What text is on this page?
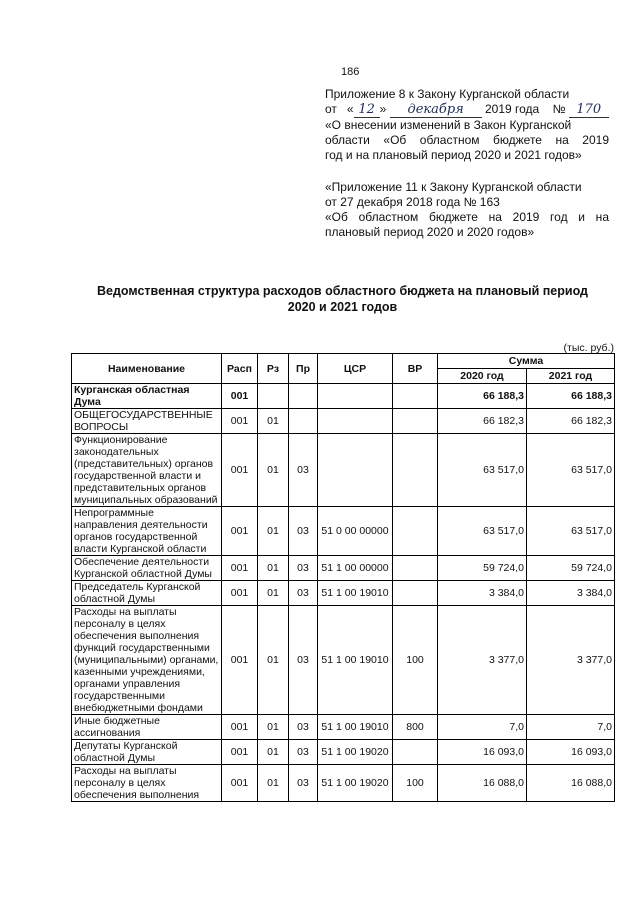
186
Приложение 8 к Закону Курганской области
от « 12 » декабря 2019 года № 170
«О внесении изменений в Закон Курганской
области «Об областном бюджете на 2019
год и на плановый период 2020 и 2021 годов»
«Приложение 11 к Закону Курганской области
от 27 декабря 2018 года № 163
«Об областном бюджете на 2019 год и на
плановый период 2020 и 2020 годов»
Ведомственная структура расходов областного бюджета на плановый период
2020 и 2021 годов
(тыс. руб.)
Наименование	Расп	Рз	Пр	ЦСР	ВР	Сумма	
						2020 год	2021 год
Курганская областная Дума	001					66 188,3	66 188,3
ОБЩЕГОСУДАРСТВЕННЫЕ ВОПРОСЫ	001	01				66 182,3	66 182,3
Функционирование законодательных (представительных) органов государственной власти и представительных органов муниципальных образований	001	01	03			63 517,0	63 517,0
Непрограммные направления деятельности органов государственной власти Курганской области	001	01	03	51 0 00 00000		63 517,0	63 517,0
Обеспечение деятельности Курганской областной Думы	001	01	03	51 1 00 00000		59 724,0	59 724,0
Председатель Курганской областной Думы	001	01	03	51 1 00 19010		3 384,0	3 384,0
Расходы на выплаты персоналу в целях обеспечения выполнения функций государственными (муниципальными) органами, казенными учреждениями, органами управления государственными внебюджетными фондами	001	01	03	51 1 00 19010	100	3 377,0	3 377,0
Иные бюджетные ассигнования	001	01	03	51 1 00 19010	800	7,0	7,0
Депутаты Курганской областной Думы	001	01	03	51 1 00 19020		16 093,0	16 093,0
Расходы на выплаты персоналу в целях обеспечения выполнения	001	01	03	51 1 00 19020	100	16 088,0	16 088,0
